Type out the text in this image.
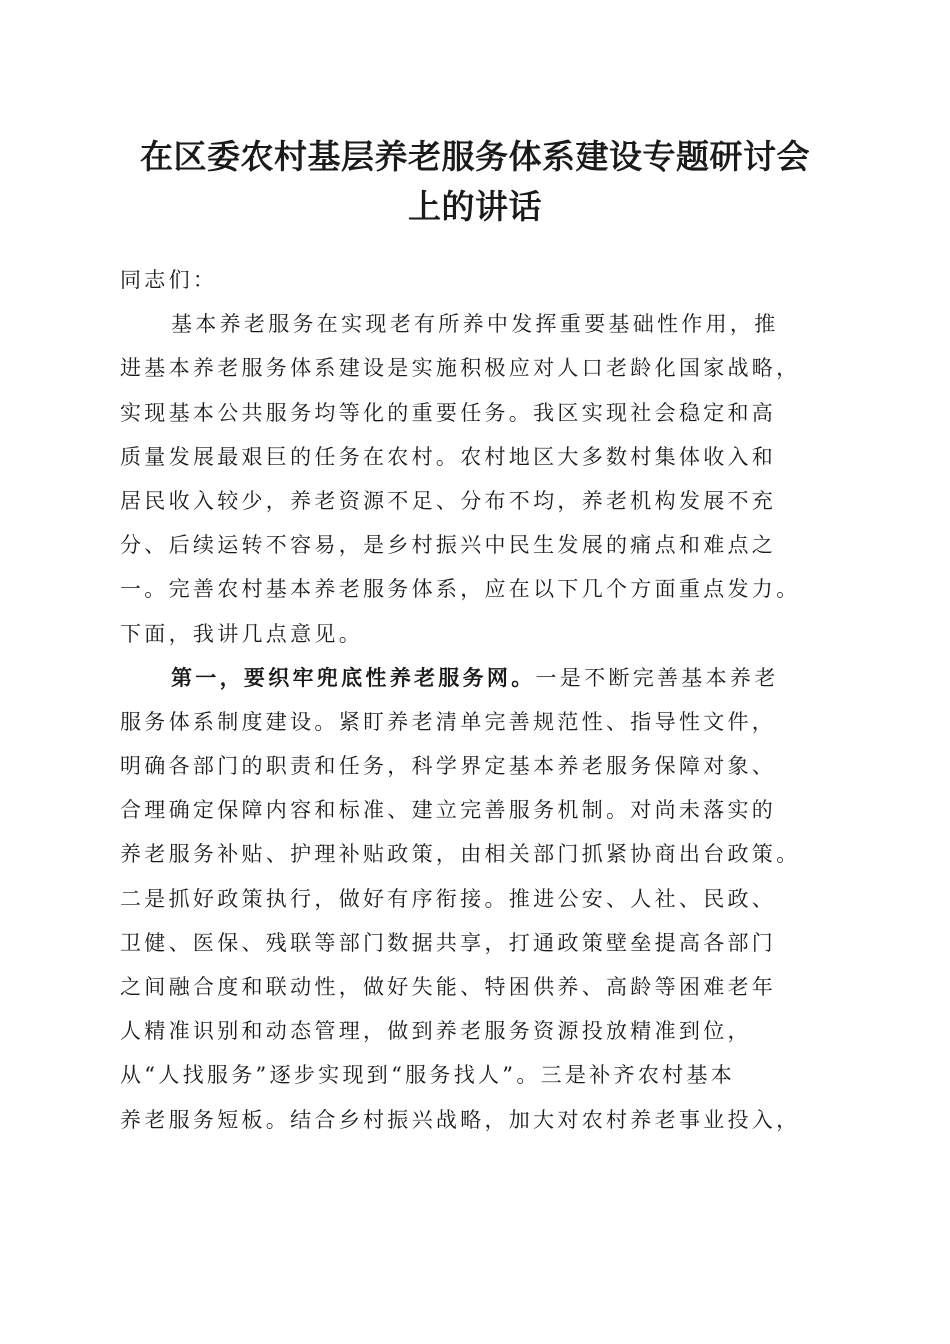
在区委农村基层养老服务体系建设专题研讨会
上的讲话
同志们：
基本养老服务在实现老有所养中发挥重要基础性作用，推
进基本养老服务体系建设是实施积极应对人口老龄化国家战略，
实现基本公共服务均等化的重要任务。我区实现社会稳定和高
质量发展最艰巨的任务在农村。农村地区大多数村集体收入和
居民收入较少，养老资源不足、分布不均，养老机构发展不充
分、后续运转不容易，是乡村振兴中民生发展的痛点和难点之
一。完善农村基本养老服务体系，应在以下几个方面重点发力。
下面，我讲几点意见。
第一，要织牢兜底性养老服务网。一是不断完善基本养老
服务体系制度建设。紧盯养老清单完善规范性、指导性文件，
明确各部门的职责和任务，科学界定基本养老服务保障对象、
合理确定保障内容和标准、建立完善服务机制。对尚未落实的
养老服务补贴、护理补贴政策，由相关部门抓紧协商出台政策。
二是抓好政策执行，做好有序衔接。推进公安、人社、民政、
卫健、医保、残联等部门数据共享，打通政策壁垒提高各部门
之间融合度和联动性，做好失能、特困供养、高龄等困难老年
人精准识别和动态管理，做到养老服务资源投放精准到位，
从“人找服务”逐步实现到“服务找人”。三是补齐农村基本
养老服务短板。结合乡村振兴战略，加大对农村养老事业投入，
